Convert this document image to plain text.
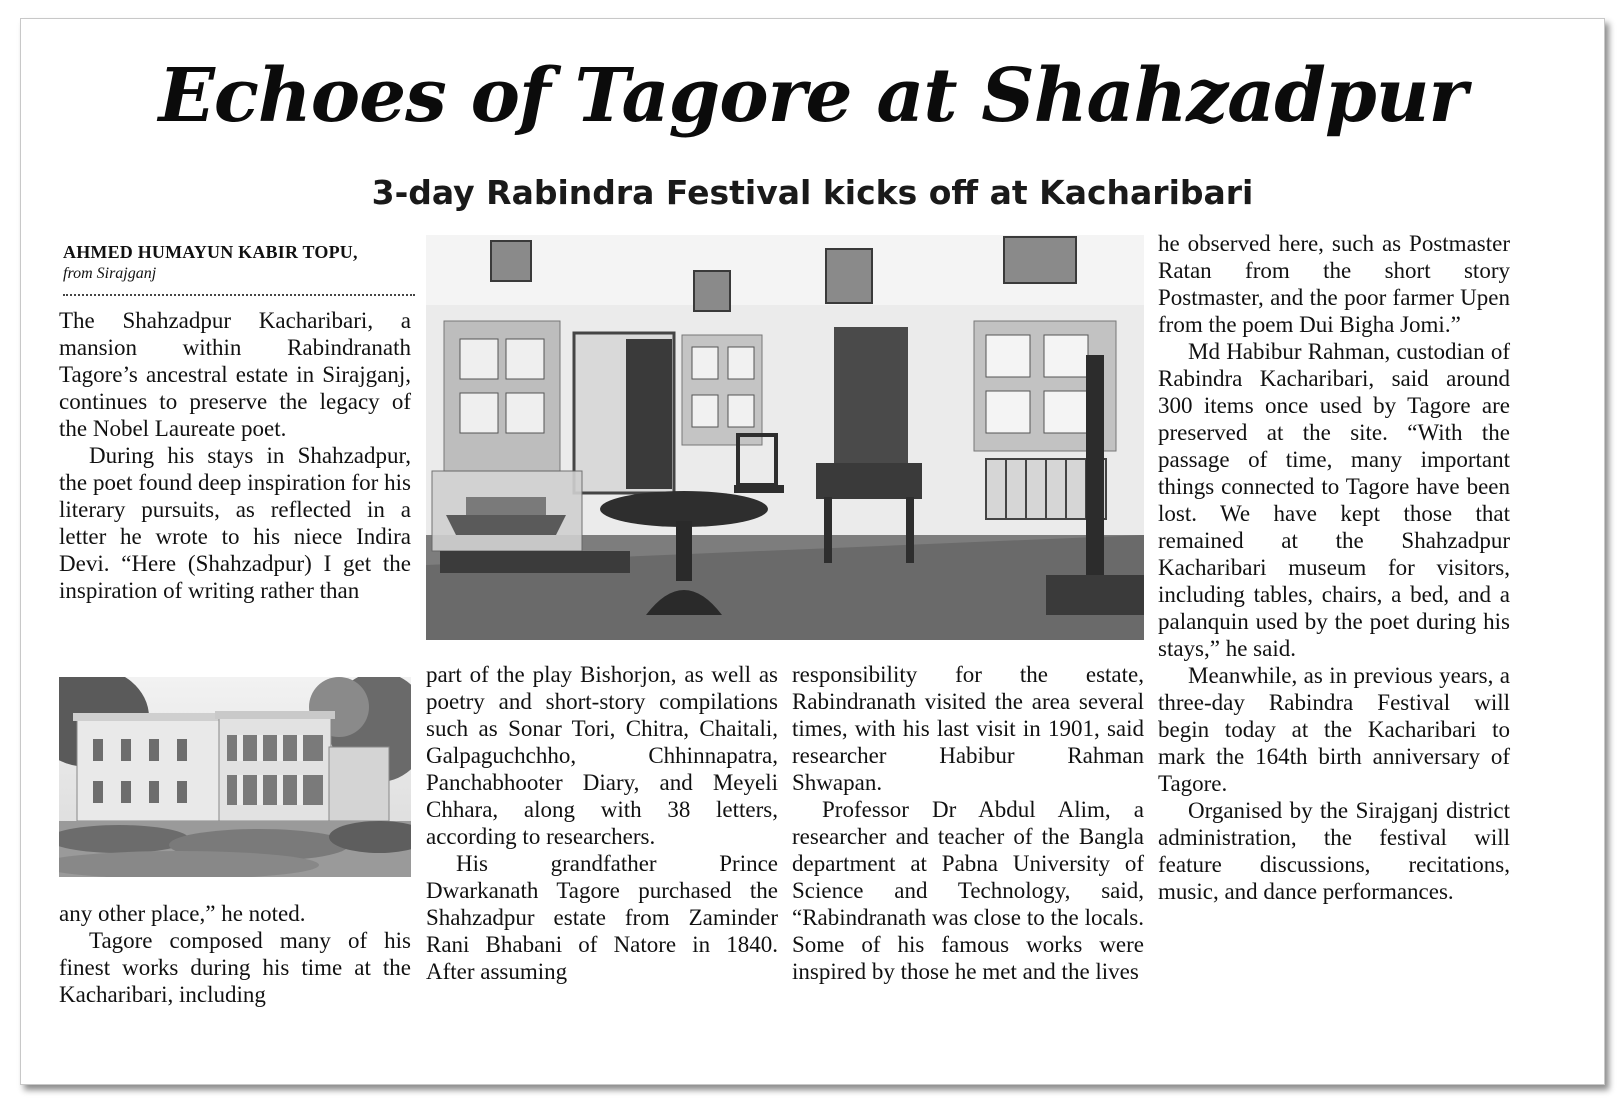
Echoes of Tagore at Shahzadpur
3-day Rabindra Festival kicks off at Kacharibari
AHMED HUMAYUN KABIR TOPU,
from Sirajganj

The Shahzadpur Kacharibari, a mansion within Rabindranath Tagore’s ancestral estate in Sirajganj, continues to preserve the legacy of the Nobel Laureate poet.

During his stays in Shahzadpur, the poet found deep inspiration for his literary pursuits, as reflected in a letter he wrote to his niece Indira Devi. “Here (Shahzadpur) I get the inspiration of writing rather than

any other place,” he noted.

Tagore composed many of his finest works during his time at the Kacharibari, including

part of the play Bishorjon, as well as poetry and short-story compilations such as Sonar Tori, Chitra, Chaitali, Galpaguchchho, Chhinnapatra, Panchabhooter Diary, and Meyeli Chhara, along with 38 letters, according to researchers.

His grandfather Prince Dwarkanath Tagore purchased the Shahzadpur estate from Zaminder Rani Bhabani of Natore in 1840. After assuming

responsibility for the estate, Rabindranath visited the area several times, with his last visit in 1901, said researcher Habibur Rahman Shwapan.

Professor Dr Abdul Alim, a researcher and teacher of the Bangla department at Pabna University of Science and Technology, said, “Rabindranath was close to the locals. Some of his famous works were inspired by those he met and the lives

he observed here, such as Postmaster Ratan from the short story Postmaster, and the poor farmer Upen from the poem Dui Bigha Jomi.”

Md Habibur Rahman, custodian of Rabindra Kacharibari, said around 300 items once used by Tagore are preserved at the site. “With the passage of time, many important things connected to Tagore have been lost. We have kept those that remained at the Shahzadpur Kacharibari museum for visitors, including tables, chairs, a bed, and a palanquin used by the poet during his stays,” he said.

Meanwhile, as in previous years, a three-day Rabindra Festival will begin today at the Kacharibari to mark the 164th birth anniversary of Tagore.

Organised by the Sirajganj district administration, the festival will feature discussions, recitations, music, and dance performances.
